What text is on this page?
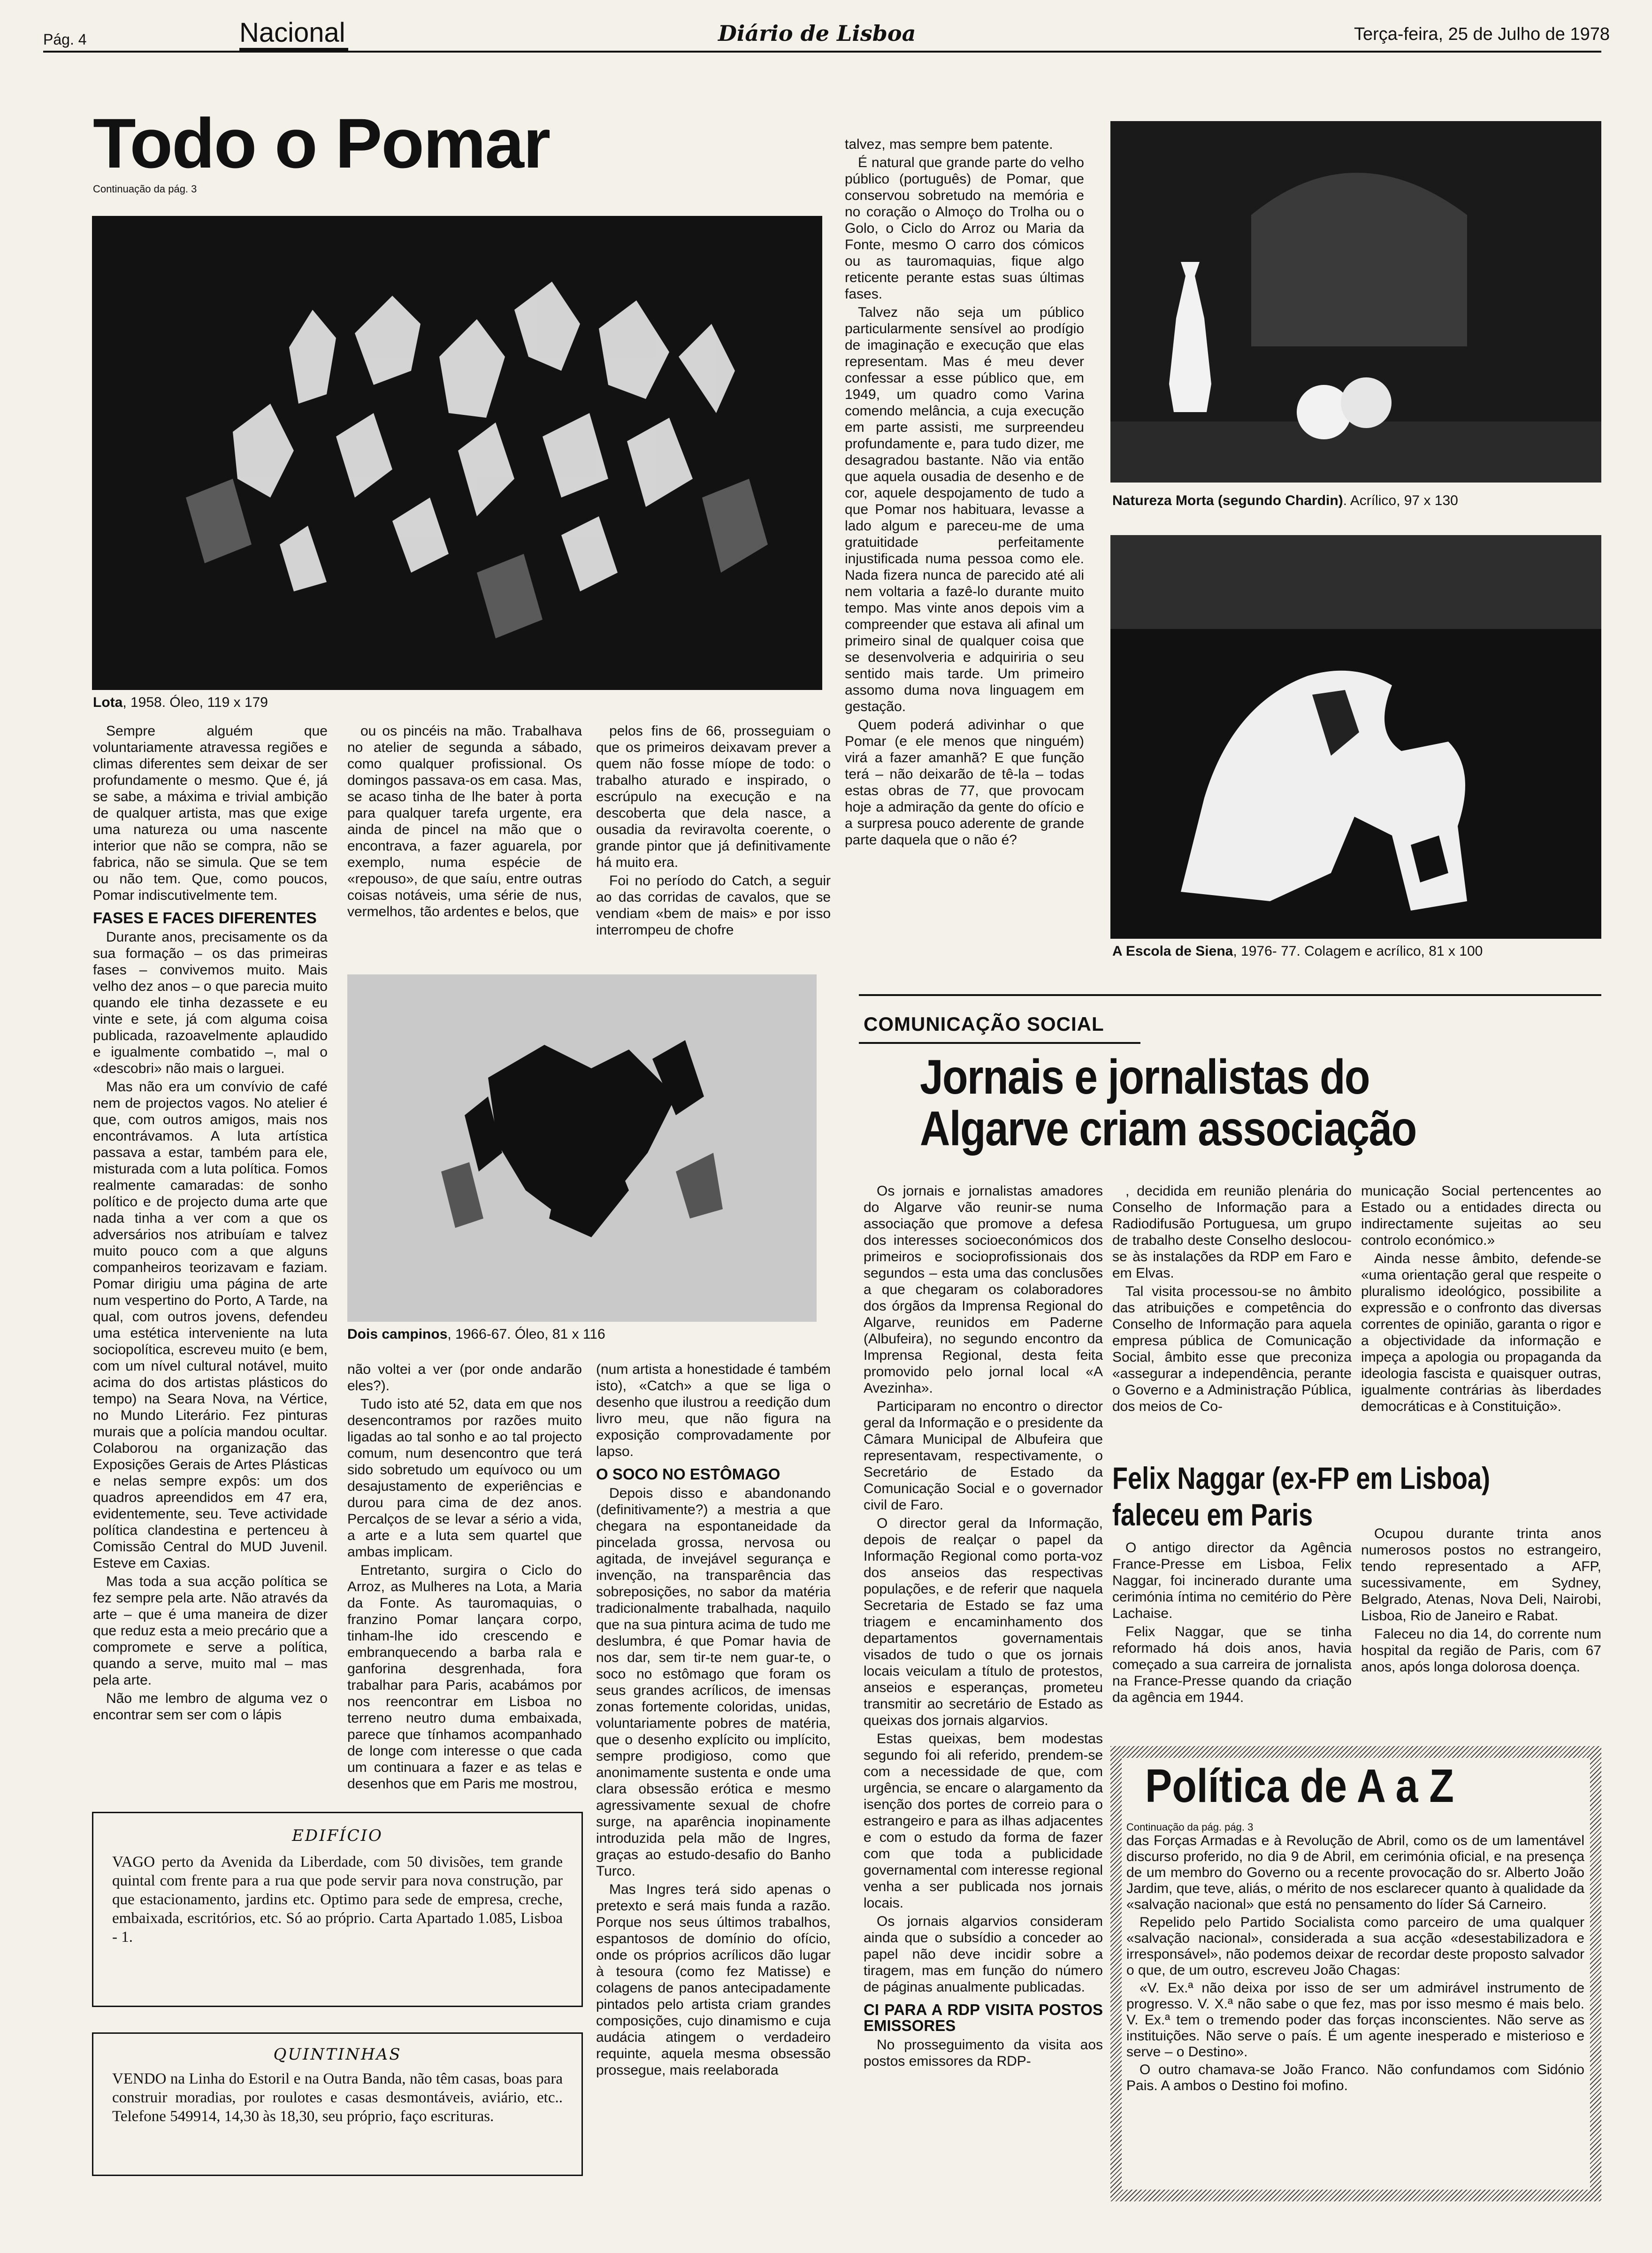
Pág. 4	Nacional	Diário de Lisboa	Terça-feira, 25 de Julho de 1978
Todo o Pomar
Continuação da pág. 3
Lota, 1958. Óleo, 119 x 179

Sempre alguém que voluntariamente atravessa regiões e climas diferentes sem deixar de ser profundamente o mesmo. Que é, já se sabe, a máxima e trivial ambição de qualquer artista, mas que exige uma natureza ou uma nascente interior que não se compra, não se fabrica, não se simula. Que se tem ou não tem. Que, como poucos, Pomar indiscutivelmente tem.

FASES E FACES DIFERENTES

Durante anos, precisamente os da sua formação – os das primeiras fases – convivemos muito. Mais velho dez anos – o que parecia muito quando ele tinha dezassete e eu vinte e sete, já com alguma coisa publicada, razoavelmente aplaudido e igualmente combatido –, mal o «descobri» não mais o larguei.

Mas não era um convívio de café nem de projectos vagos. No atelier é que, com outros amigos, mais nos encontrávamos. A luta artística passava a estar, também para ele, misturada com a luta política. Fomos realmente camaradas: de sonho político e de projecto duma arte que nada tinha a ver com a que os adversários nos atribuíam e talvez muito pouco com a que alguns companheiros teorizavam e faziam. Pomar dirigiu uma página de arte num vespertino do Porto, A Tarde, na qual, com outros jovens, defendeu uma estética interveniente na luta sociopolítica, escreveu muito (e bem, com um nível cultural notável, muito acima do dos artistas plásticos do tempo) na Seara Nova, na Vértice, no Mundo Literário. Fez pinturas murais que a polícia mandou ocultar. Colaborou na organização das Exposições Gerais de Artes Plásticas e nelas sempre expôs: um dos quadros apreendidos em 47 era, evidentemente, seu. Teve actividade política clandestina e pertenceu à Comissão Central do MUD Juvenil. Esteve em Caxias.

Mas toda a sua acção política se fez sempre pela arte. Não através da arte – que é uma maneira de dizer que reduz esta a meio precário que a compromete e serve a política, quando a serve, muito mal – mas pela arte.

Não me lembro de alguma vez o encontrar sem ser com o lápis

ou os pincéis na mão. Trabalhava no atelier de segunda a sábado, como qualquer profissional. Os domingos passava-os em casa. Mas, se acaso tinha de lhe bater à porta para qualquer tarefa urgente, era ainda de pincel na mão que o encontrava, a fazer aguarela, por exemplo, numa espécie de «repouso», de que saíu, entre outras coisas notáveis, uma série de nus, vermelhos, tão ardentes e belos, que

pelos fins de 66, prosseguiam o que os primeiros deixavam prever a quem não fosse míope de todo: o trabalho aturado e inspirado, o escrúpulo na execução e na descoberta que dela nasce, a ousadia da reviravolta coerente, o grande pintor que já definitivamente há muito era.

Foi no período do Catch, a seguir ao das corridas de cavalos, que se vendiam «bem de mais» e por isso interrompeu de chofre

Dois campinos, 1966-67. Óleo, 81 x 116

não voltei a ver (por onde andarão eles?).

Tudo isto até 52, data em que nos desencontramos por razões muito ligadas ao tal sonho e ao tal projecto comum, num desencontro que terá sido sobretudo um equívoco ou um desajustamento de experiências e durou para cima de dez anos. Percalços de se levar a sério a vida, a arte e a luta sem quartel que ambas implicam.

Entretanto, surgira o Ciclo do Arroz, as Mulheres na Lota, a Maria da Fonte. As tauromaquias, o franzino Pomar lançara corpo, tinham-lhe ido crescendo e embranquecendo a barba rala e ganforina desgrenhada, fora trabalhar para Paris, acabámos por nos reencontrar em Lisboa no terreno neutro duma embaixada, parece que tínhamos acompanhado de longe com interesse o que cada um continuara a fazer e as telas e desenhos que em Paris me mostrou,

(num artista a honestidade é também isto), «Catch» a que se liga o desenho que ilustrou a reedição dum livro meu, que não figura na exposição comprovadamente por lapso.

O SOCO NO ESTÔMAGO

Depois disso e abandonando (definitivamente?) a mestria a que chegara na espontaneidade da pincelada grossa, nervosa ou agitada, de invejável segurança e invenção, na transparência das sobreposições, no sabor da matéria tradicionalmente trabalhada, naquilo que na sua pintura acima de tudo me deslumbra, é que Pomar havia de nos dar, sem tir-te nem guar-te, o soco no estômago que foram os seus grandes acrílicos, de imensas zonas fortemente coloridas, unidas, voluntariamente pobres de matéria, que o desenho explícito ou implícito, sempre prodigioso, como que anonimamente sustenta e onde uma clara obsessão erótica e mesmo agressivamente sexual de chofre surge, na aparência inopinamente introduzida pela mão de Ingres, graças ao estudo-desafio do Banho Turco.

Mas Ingres terá sido apenas o pretexto e será mais funda a razão. Porque nos seus últimos trabalhos, espantosos de domínio do ofício, onde os próprios acrílicos dão lugar à tesoura (como fez Matisse) e colagens de panos antecipadamente pintados pelo artista criam grandes composições, cujo dinamismo e cuja audácia atingem o verdadeiro requinte, aquela mesma obsessão prossegue, mais reelaborada

talvez, mas sempre bem patente.

É natural que grande parte do velho público (português) de Pomar, que conservou sobretudo na memória e no coração o Almoço do Trolha ou o Golo, o Ciclo do Arroz ou Maria da Fonte, mesmo O carro dos cómicos ou as tauromaquias, fique algo reticente perante estas suas últimas fases.

Talvez não seja um público particularmente sensível ao prodígio de imaginação e execução que elas representam. Mas é meu dever confessar a esse público que, em 1949, um quadro como Varina comendo melância, a cuja execução em parte assisti, me surpreendeu profundamente e, para tudo dizer, me desagradou bastante. Não via então que aquela ousadia de desenho e de cor, aquele despojamento de tudo a que Pomar nos habituara, levasse a lado algum e pareceu-me de uma gratuitidade perfeitamente injustificada numa pessoa como ele. Nada fizera nunca de parecido até ali nem voltaria a fazê-lo durante muito tempo. Mas vinte anos depois vim a compreender que estava ali afinal um primeiro sinal de qualquer coisa que se desenvolveria e adquiriria o seu sentido mais tarde. Um primeiro assomo duma nova linguagem em gestação.

Quem poderá adivinhar o que Pomar (e ele menos que ninguém) virá a fazer amanhã? E que função terá – não deixarão de tê-la – todas estas obras de 77, que provocam hoje a admiração da gente do ofício e a surpresa pouco aderente de grande parte daquela que o não é?

Natureza Morta (segundo Chardin). Acrílico, 97 x 130
A Escola de Siena, 1976- 77. Colagem e acrílico, 81 x 100
COMUNICAÇÃO SOCIAL
Jornais e jornalistas do Algarve criam associação

Os jornais e jornalistas amadores do Algarve vão reunir-se numa associação que promove a defesa dos interesses socioeconómicos dos primeiros e socioprofissionais dos segundos – esta uma das conclusões a que chegaram os colaboradores dos órgãos da Imprensa Regional do Algarve, reunidos em Paderne (Albufeira), no segundo encontro da Imprensa Regional, desta feita promovido pelo jornal local «A Avezinha».

Participaram no encontro o director geral da Informação e o presidente da Câmara Municipal de Albufeira que representavam, respectivamente, o Secretário de Estado da Comunicação Social e o governador civil de Faro.

O director geral da Informação, depois de realçar o papel da Informação Regional como porta-voz dos anseios das respectivas populações, e de referir que naquela Secretaria de Estado se faz uma triagem e encaminhamento dos departamentos governamentais visados de tudo o que os jornais locais veiculam a título de protestos, anseios e esperanças, prometeu transmitir ao secretário de Estado as queixas dos jornais algarvios.

Estas queixas, bem modestas segundo foi ali referido, prendem-se com a necessidade de que, com urgência, se encare o alargamento da isenção dos portes de correio para o estrangeiro e para as ilhas adjacentes e com o estudo da forma de fazer com que toda a publicidade governamental com interesse regional venha a ser publicada nos jornais locais.

Os jornais algarvios consideram ainda que o subsídio a conceder ao papel não deve incidir sobre a tiragem, mas em função do número de páginas anualmente publicadas.

CI PARA A RDP VISITA POSTOS EMISSORES

No prosseguimento da visita aos postos emissores da RDP-

, decidida em reunião plenária do Conselho de Informação para a Radiodifusão Portuguesa, um grupo de trabalho deste Conselho deslocou-se às instalações da RDP em Faro e em Elvas.

Tal visita processou-se no âmbito das atribuições e competência do Conselho de Informação para aquela empresa pública de Comunicação Social, âmbito esse que preconiza «assegurar a independência, perante o Governo e a Administração Pública, dos meios de Co-

municação Social pertencentes ao Estado ou a entidades directa ou indirectamente sujeitas ao seu controlo económico.»

Ainda nesse âmbito, defende-se «uma orientação geral que respeite o pluralismo ideológico, possibilite a expressão e o confronto das diversas correntes de opinião, garanta o rigor e a objectividade da informação e impeça a apologia ou propaganda da ideologia fascista e quaisquer outras, igualmente contrárias às liberdades democráticas e à Constituição».

Felix Naggar (ex-FP em Lisboa) faleceu em Paris

O antigo director da Agência France-Presse em Lisboa, Felix Naggar, foi incinerado durante uma cerimónia íntima no cemitério do Père Lachaise.

Felix Naggar, que se tinha reformado há dois anos, havia começado a sua carreira de jornalista na France-Presse quando da criação da agência em 1944.

Ocupou durante trinta anos numerosos postos no estrangeiro, tendo representado a AFP, sucessivamente, em Sydney, Belgrado, Atenas, Nova Deli, Nairobi, Lisboa, Rio de Janeiro e Rabat.

Faleceu no dia 14, do corrente num hospital da região de Paris, com 67 anos, após longa dolorosa doença.

Política de A a Z
Continuação da pág. pág. 3

das Forças Armadas e à Revolução de Abril, como os de um lamentável discurso proferido, no dia 9 de Abril, em cerimónia oficial, e na presença de um membro do Governo ou a recente provocação do sr. Alberto João Jardim, que teve, aliás, o mérito de nos esclarecer quanto à qualidade da «salvação nacional» que está no pensamento do líder Sá Carneiro.

Repelido pelo Partido Socialista como parceiro de uma qualquer «salvação nacional», considerada a sua acção «desestabilizadora e irresponsável», não podemos deixar de recordar deste proposto salvador o que, de um outro, escreveu João Chagas:

«V. Ex.ª não deixa por isso de ser um admirável instrumento de progresso. V. X.ª não sabe o que fez, mas por isso mesmo é mais belo. V. Ex.ª tem o tremendo poder das forças inconscientes. Não serve as instituições. Não serve o país. É um agente inesperado e misterioso e serve – o Destino».

O outro chamava-se João Franco. Não confundamos com Sidónio Pais. A ambos o Destino foi mofino.

EDIFÍCIO
VAGO perto da Avenida da Liberdade, com 50 divisões, tem grande quintal com frente para a rua que pode servir para nova construção, par que estacionamento, jardins etc. Optimo para sede de empresa, creche, embaixada, escritórios, etc. Só ao próprio. Carta Apartado 1.085, Lisboa - 1.
QUINTINHAS
VENDO na Linha do Estoril e na Outra Banda, não têm casas, boas para construir moradias, por roulotes e casas desmontáveis, aviário, etc.. Telefone 549914, 14,30 às 18,30, seu próprio, faço escrituras.
